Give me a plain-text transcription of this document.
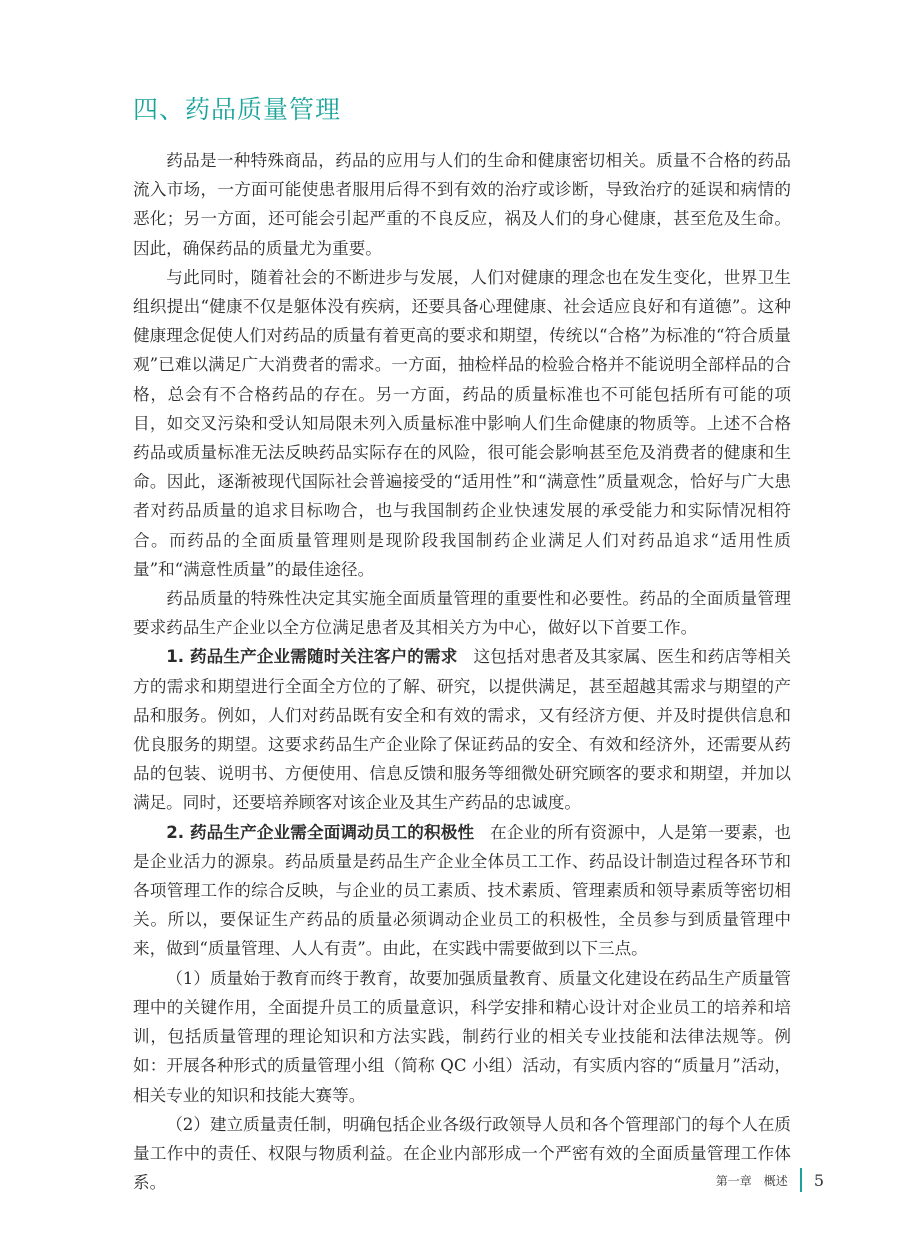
四、药品质量管理

药品是一种特殊商品，药品的应用与人们的生命和健康密切相关。质量不合格的药品流入市场，一方面可能使患者服用后得不到有效的治疗或诊断，导致治疗的延误和病情的恶化；另一方面，还可能会引起严重的不良反应，祸及人们的身心健康，甚至危及生命。因此，确保药品的质量尤为重要。

与此同时，随着社会的不断进步与发展，人们对健康的理念也在发生变化，世界卫生组织提出“健康不仅是躯体没有疾病，还要具备心理健康、社会适应良好和有道德”。这种健康理念促使人们对药品的质量有着更高的要求和期望，传统以“合格”为标准的“符合质量观”已难以满足广大消费者的需求。一方面，抽检样品的检验合格并不能说明全部样品的合格，总会有不合格药品的存在。另一方面，药品的质量标准也不可能包括所有可能的项目，如交叉污染和受认知局限未列入质量标准中影响人们生命健康的物质等。上述不合格药品或质量标准无法反映药品实际存在的风险，很可能会影响甚至危及消费者的健康和生命。因此，逐渐被现代国际社会普遍接受的“适用性”和“满意性”质量观念，恰好与广大患者对药品质量的追求目标吻合，也与我国制药企业快速发展的承受能力和实际情况相符合。而药品的全面质量管理则是现阶段我国制药企业满足人们对药品追求“适用性质量”和“满意性质量”的最佳途径。

药品质量的特殊性决定其实施全面质量管理的重要性和必要性。药品的全面质量管理要求药品生产企业以全方位满足患者及其相关方为中心，做好以下首要工作。

1. 药品生产企业需随时关注客户的需求 这包括对患者及其家属、医生和药店等相关方的需求和期望进行全面全方位的了解、研究，以提供满足，甚至超越其需求与期望的产品和服务。例如，人们对药品既有安全和有效的需求，又有经济方便、并及时提供信息和优良服务的期望。这要求药品生产企业除了保证药品的安全、有效和经济外，还需要从药品的包装、说明书、方便使用、信息反馈和服务等细微处研究顾客的要求和期望，并加以满足。同时，还要培养顾客对该企业及其生产药品的忠诚度。

2. 药品生产企业需全面调动员工的积极性 在企业的所有资源中，人是第一要素，也是企业活力的源泉。药品质量是药品生产企业全体员工工作、药品设计制造过程各环节和各项管理工作的综合反映，与企业的员工素质、技术素质、管理素质和领导素质等密切相关。所以，要保证生产药品的质量必须调动企业员工的积极性，全员参与到质量管理中来，做到“质量管理、人人有责”。由此，在实践中需要做到以下三点。

（1）质量始于教育而终于教育，故要加强质量教育、质量文化建设在药品生产质量管理中的关键作用，全面提升员工的质量意识，科学安排和精心设计对企业员工的培养和培训，包括质量管理的理论知识和方法实践，制药行业的相关专业技能和法律法规等。例如：开展各种形式的质量管理小组（简称 QC 小组）活动，有实质内容的“质量月”活动，相关专业的知识和技能大赛等。

（2）建立质量责任制，明确包括企业各级行政领导人员和各个管理部门的每个人在质量工作中的责任、权限与物质利益。在企业内部形成一个严密有效的全面质量管理工作体系。	第一章　概述 5
